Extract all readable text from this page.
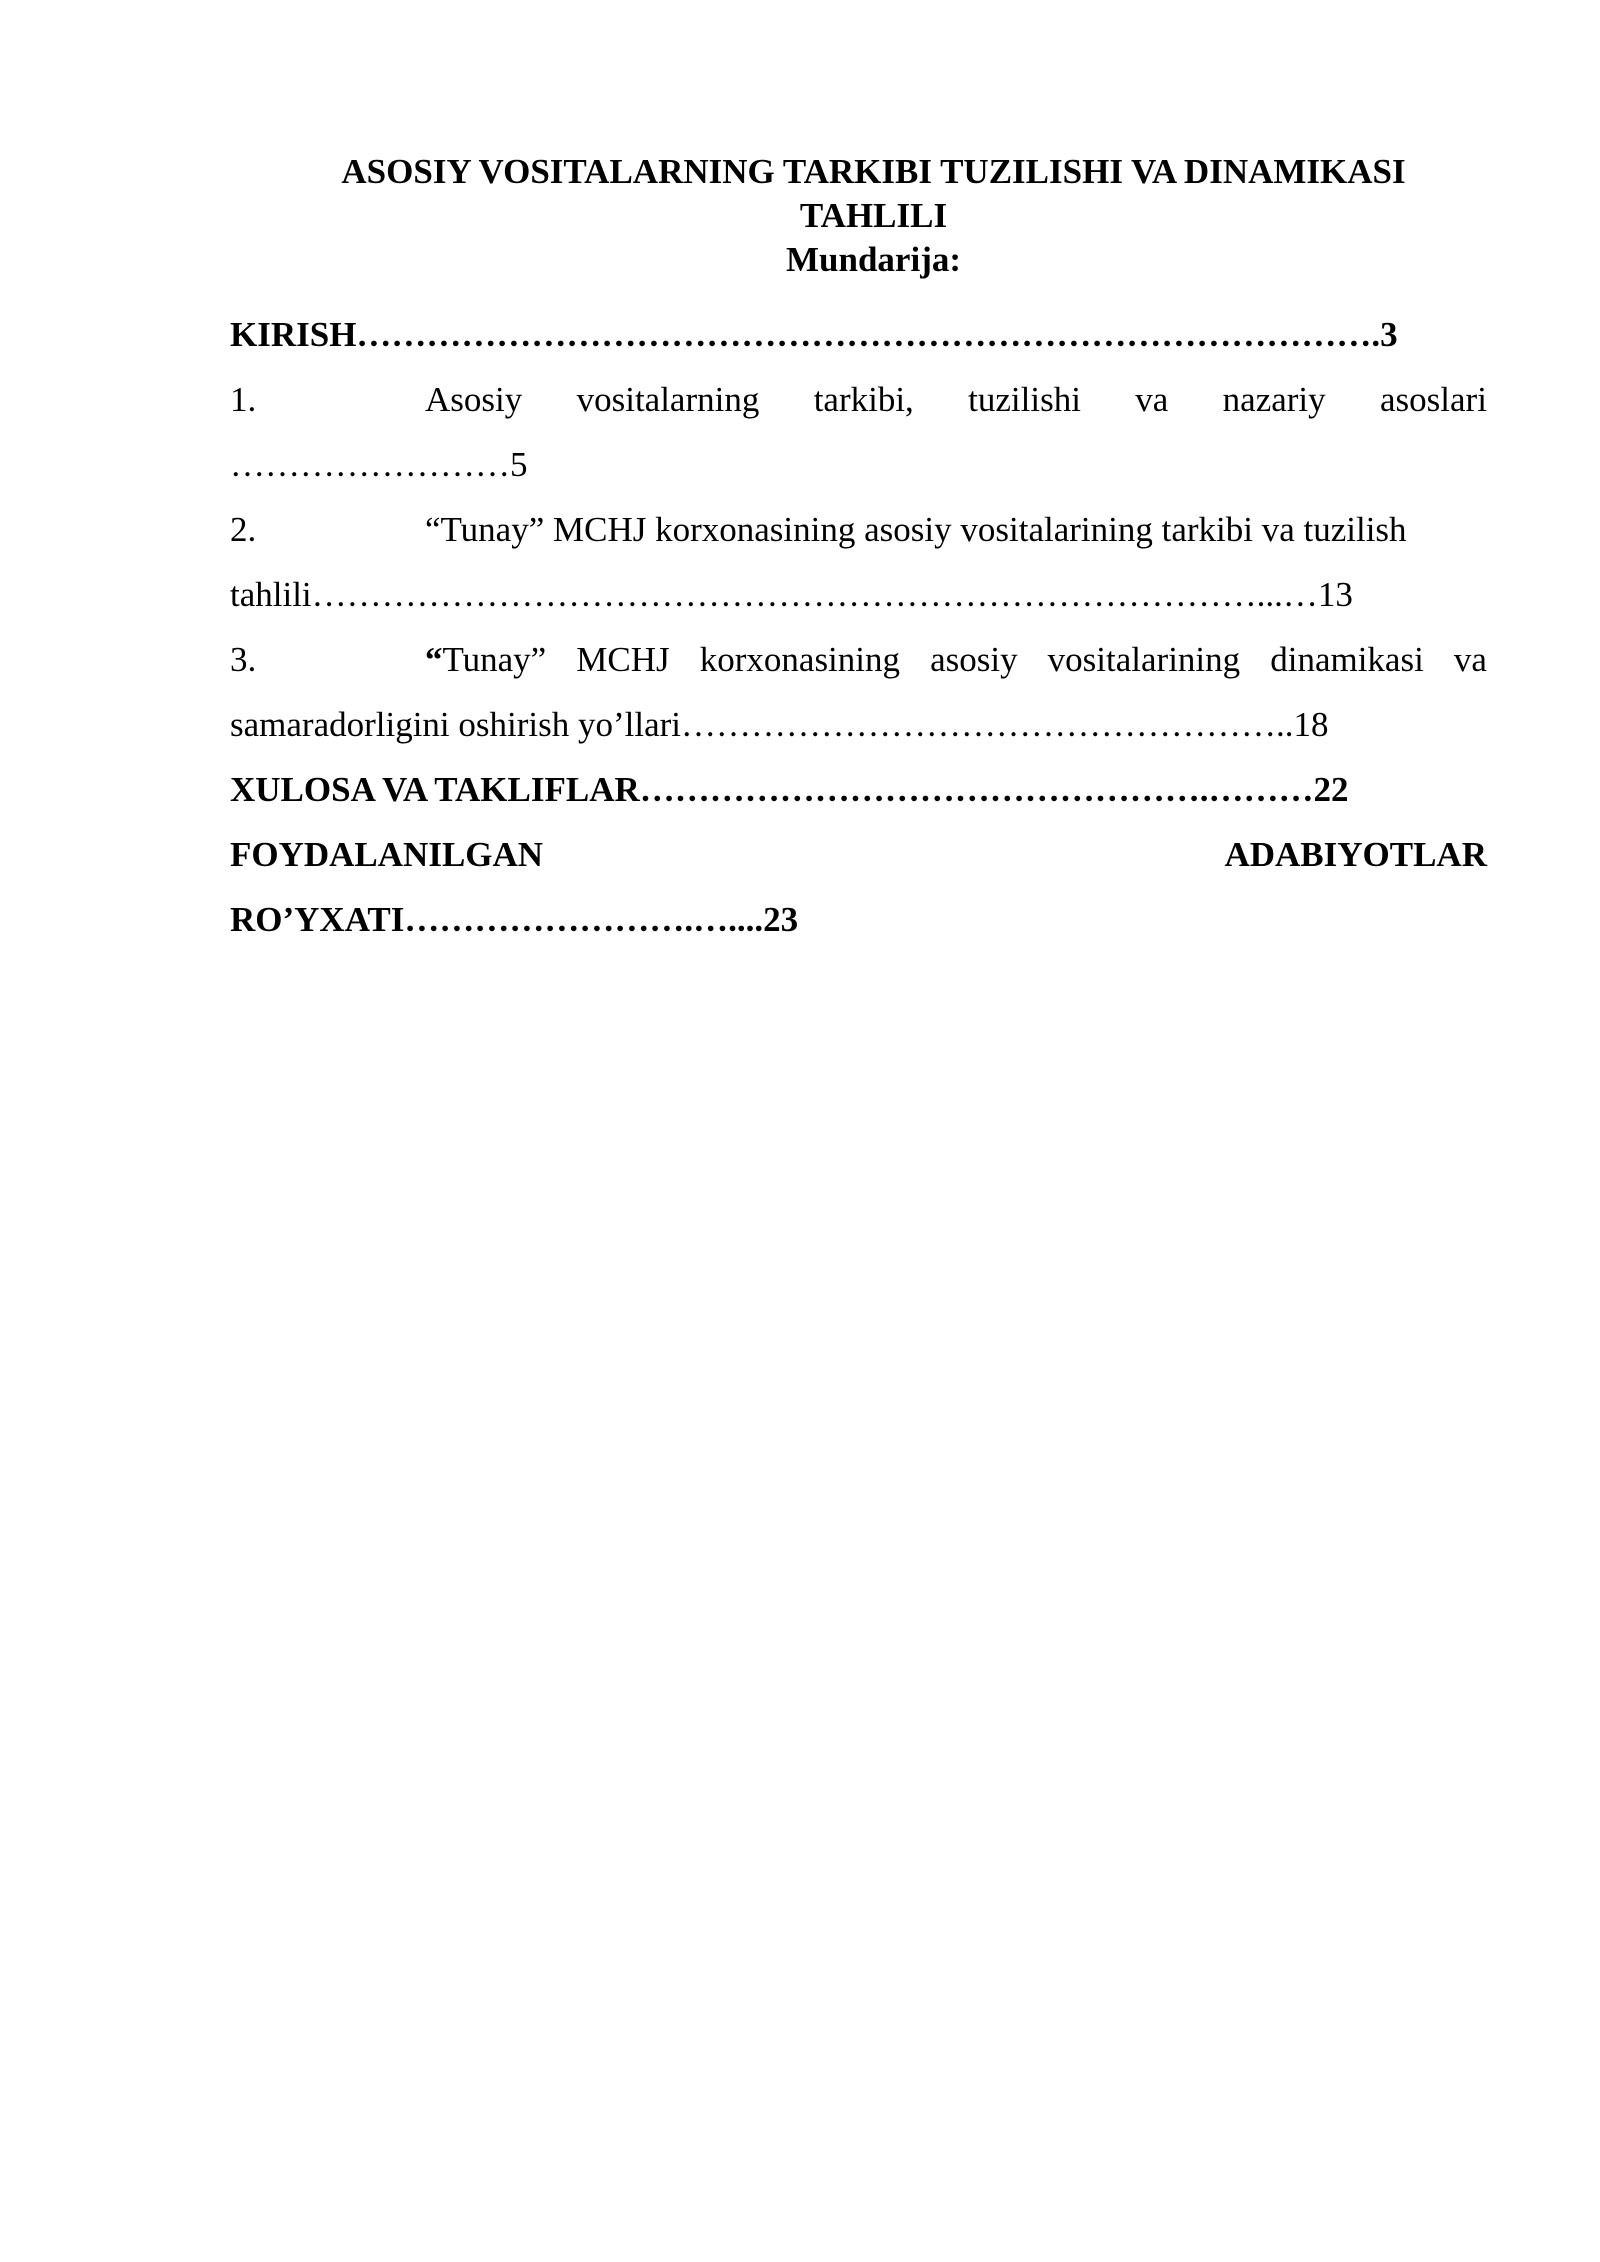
ASOSIY VOSITALARNING TARKIBI TUZILISHI VA DINAMIKASI

TAHLILI

Mundarija:

KIRISH…………………………………………………………………………….3

1.	Asosiy vositalarning tarkibi, tuzilishi va nazariy asoslari

……………………5

2.	“Tunay” MCHJ korxonasining asosiy vositalarining tarkibi va tuzilish

tahlili………………………………………………………………………...…13

3.	“Tunay” MCHJ korxonasining asosiy vositalarining dinamikasi va

samaradorligini oshirish yo’llari……………………………………………..18

XULOSA VA TAKLIFLAR………………………………………….………22

FOYDALANILGAN	ADABIYOTLAR

RO’YXATI…………………….…....23
